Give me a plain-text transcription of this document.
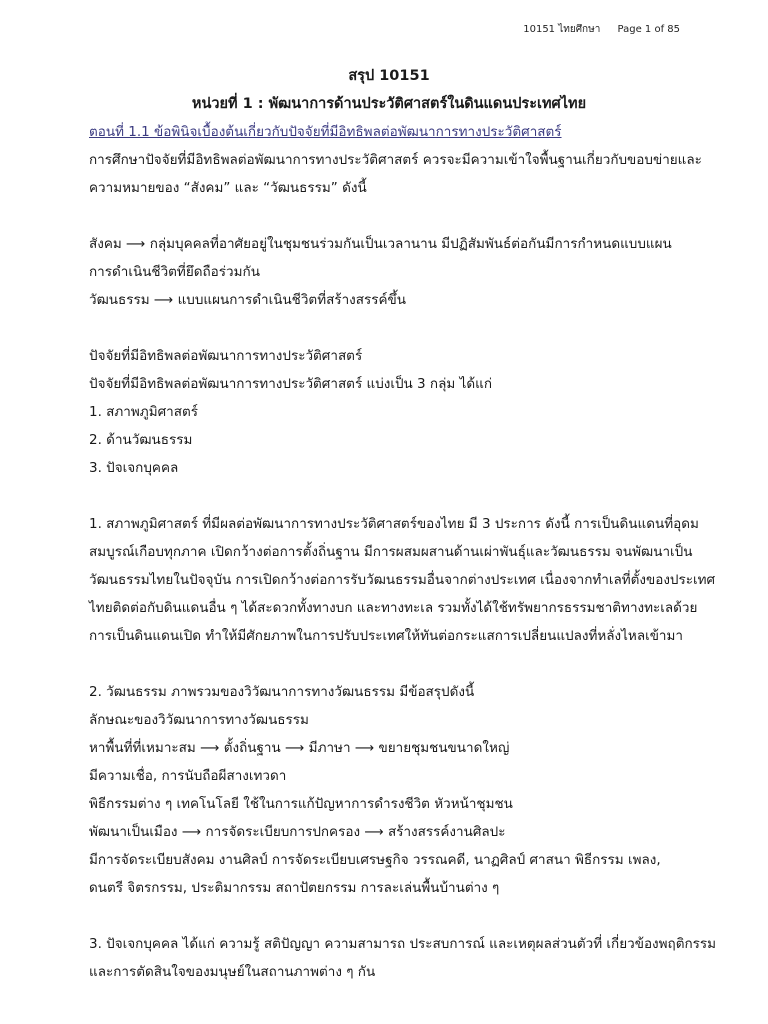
10151 ไทยศึกษา Page 1 of 85

สรุป 10151

หน่วยที่ 1 : พัฒนาการด้านประวัติศาสตร์ในดินแดนประเทศไทย

ตอนที่ 1.1 ข้อพินิจเบื้องต้นเกี่ยวกับปัจจัยที่มีอิทธิพลต่อพัฒนาการทางประวัติศาสตร์

การศึกษาปัจจัยที่มีอิทธิพลต่อพัฒนาการทางประวัติศาสตร์ ควรจะมีความเข้าใจพื้นฐานเกี่ยวกับขอบข่ายและ

ความหมายของ “สังคม” และ “วัฒนธรรม” ดังนี้

สังคม ⟶ กลุ่มบุคคลที่อาศัยอยู่ในชุมชนร่วมกันเป็นเวลานาน มีปฏิสัมพันธ์ต่อกันมีการกำหนดแบบแผน

การดำเนินชีวิตที่ยึดถือร่วมกัน

วัฒนธรรม ⟶ แบบแผนการดำเนินชีวิตที่สร้างสรรค์ขึ้น

ปัจจัยที่มีอิทธิพลต่อพัฒนาการทางประวัติศาสตร์

ปัจจัยที่มีอิทธิพลต่อพัฒนาการทางประวัติศาสตร์ แบ่งเป็น 3 กลุ่ม ได้แก่

1. สภาพภูมิศาสตร์

2. ด้านวัฒนธรรม

3. ปัจเจกบุคคล

1. สภาพภูมิศาสตร์ ที่มีผลต่อพัฒนาการทางประวัติศาสตร์ของไทย มี 3 ประการ ดังนี้ การเป็นดินแดนที่อุดม

สมบูรณ์เกือบทุกภาค เปิดกว้างต่อการตั้งถิ่นฐาน มีการผสมผสานด้านเผ่าพันธุ์และวัฒนธรรม จนพัฒนาเป็น

วัฒนธรรมไทยในปัจจุบัน การเปิดกว้างต่อการรับวัฒนธรรมอื่นจากต่างประเทศ เนื่องจากทำเลที่ตั้งของประเทศ

ไทยติดต่อกับดินแดนอื่น ๆ ได้สะดวกทั้งทางบก และทางทะเล รวมทั้งได้ใช้ทรัพยากรธรรมชาติทางทะเลด้วย

การเป็นดินแดนเปิด ทำให้มีศักยภาพในการปรับประเทศให้ทันต่อกระแสการเปลี่ยนแปลงที่หลั่งไหลเข้ามา

2. วัฒนธรรม ภาพรวมของวิวัฒนาการทางวัฒนธรรม มีข้อสรุปดังนี้

ลักษณะของวิวัฒนาการทางวัฒนธรรม

หาพื้นที่ที่เหมาะสม ⟶ ตั้งถิ่นฐาน ⟶ มีภาษา ⟶ ขยายชุมชนขนาดใหญ่

มีความเชื่อ, การนับถือผีสางเทวดา

พิธีกรรมต่าง ๆ เทคโนโลยี ใช้ในการแก้ปัญหาการดำรงชีวิต หัวหน้าชุมชน

พัฒนาเป็นเมือง ⟶ การจัดระเบียบการปกครอง ⟶ สร้างสรรค์งานศิลปะ

มีการจัดระเบียบสังคม งานศิลป์ การจัดระเบียบเศรษฐกิจ วรรณคดี, นาฏศิลป์ ศาสนา พิธีกรรม เพลง,

ดนตรี จิตรกรรม, ประติมากรรม สถาปัตยกรรม การละเล่นพื้นบ้านต่าง ๆ

3. ปัจเจกบุคคล ได้แก่ ความรู้ สติปัญญา ความสามารถ ประสบการณ์ และเหตุผลส่วนตัวที่ เกี่ยวข้องพฤติกรรม

และการตัดสินใจของมนุษย์ในสถานภาพต่าง ๆ กัน
